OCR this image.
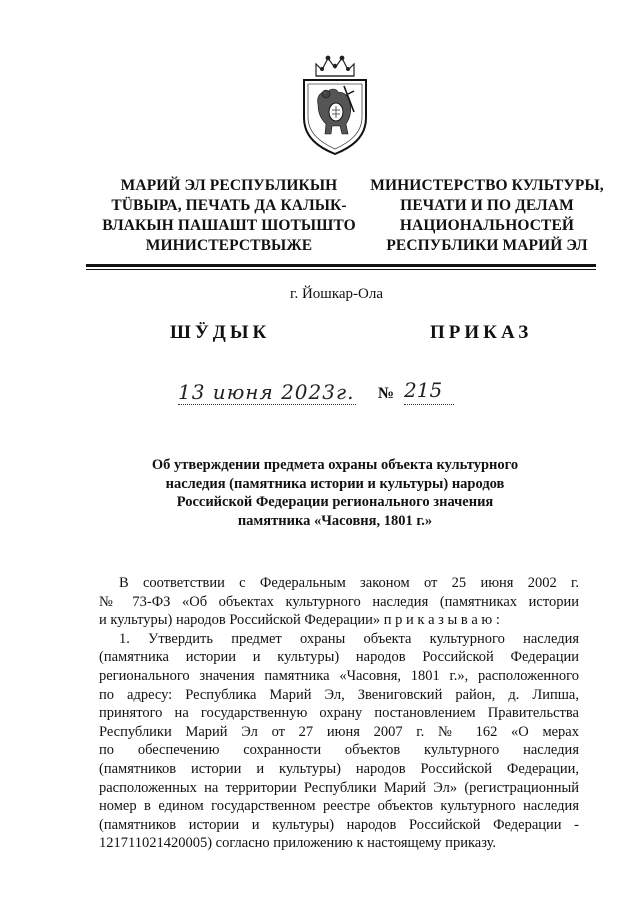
МАРИЙ ЭЛ РЕСПУБЛИКЫН
ТÜВЫРА, ПЕЧАТЬ ДА КАЛЫК-
ВЛАКЫН ПАШАШТ ШОТЫШТО
МИНИСТЕРСТВЫЖЕ
МИНИСТЕРСТВО КУЛЬТУРЫ,
ПЕЧАТИ И ПО ДЕЛАМ
НАЦИОНАЛЬНОСТЕЙ
РЕСПУБЛИКИ МАРИЙ ЭЛ
г. Йошкар-Ола
ШӰДЫК	ПРИКАЗ
13 июня 2023г. № 215
Об утверждении предмета охраны объекта культурного
наследия (памятника истории и культуры) народов
Российской Федерации регионального значения
памятника «Часовня, 1801 г.»
В соответствии с Федеральным законом от 25 июня 2002 г.
№ 73-ФЗ «Об объектах культурного наследия (памятниках истории
и культуры) народов Российской Федерации» п р и к а з ы в а ю :
1. Утвердить предмет охраны объекта культурного наследия
(памятника истории и культуры) народов Российской Федерации
регионального значения памятника «Часовня, 1801 г.», расположенного
по адресу: Республика Марий Эл, Звениговский район, д. Липша,
принятого на государственную охрану постановлением Правительства
Республики Марий Эл от 27 июня 2007 г. № 162 «О мерах
по обеспечению сохранности объектов культурного наследия
(памятников истории и культуры) народов Российской Федерации,
расположенных на территории Республики Марий Эл» (регистрационный
номер в едином государственном реестре объектов культурного наследия
(памятников истории и культуры) народов Российской Федерации -
121711021420005) согласно приложению к настоящему приказу.
